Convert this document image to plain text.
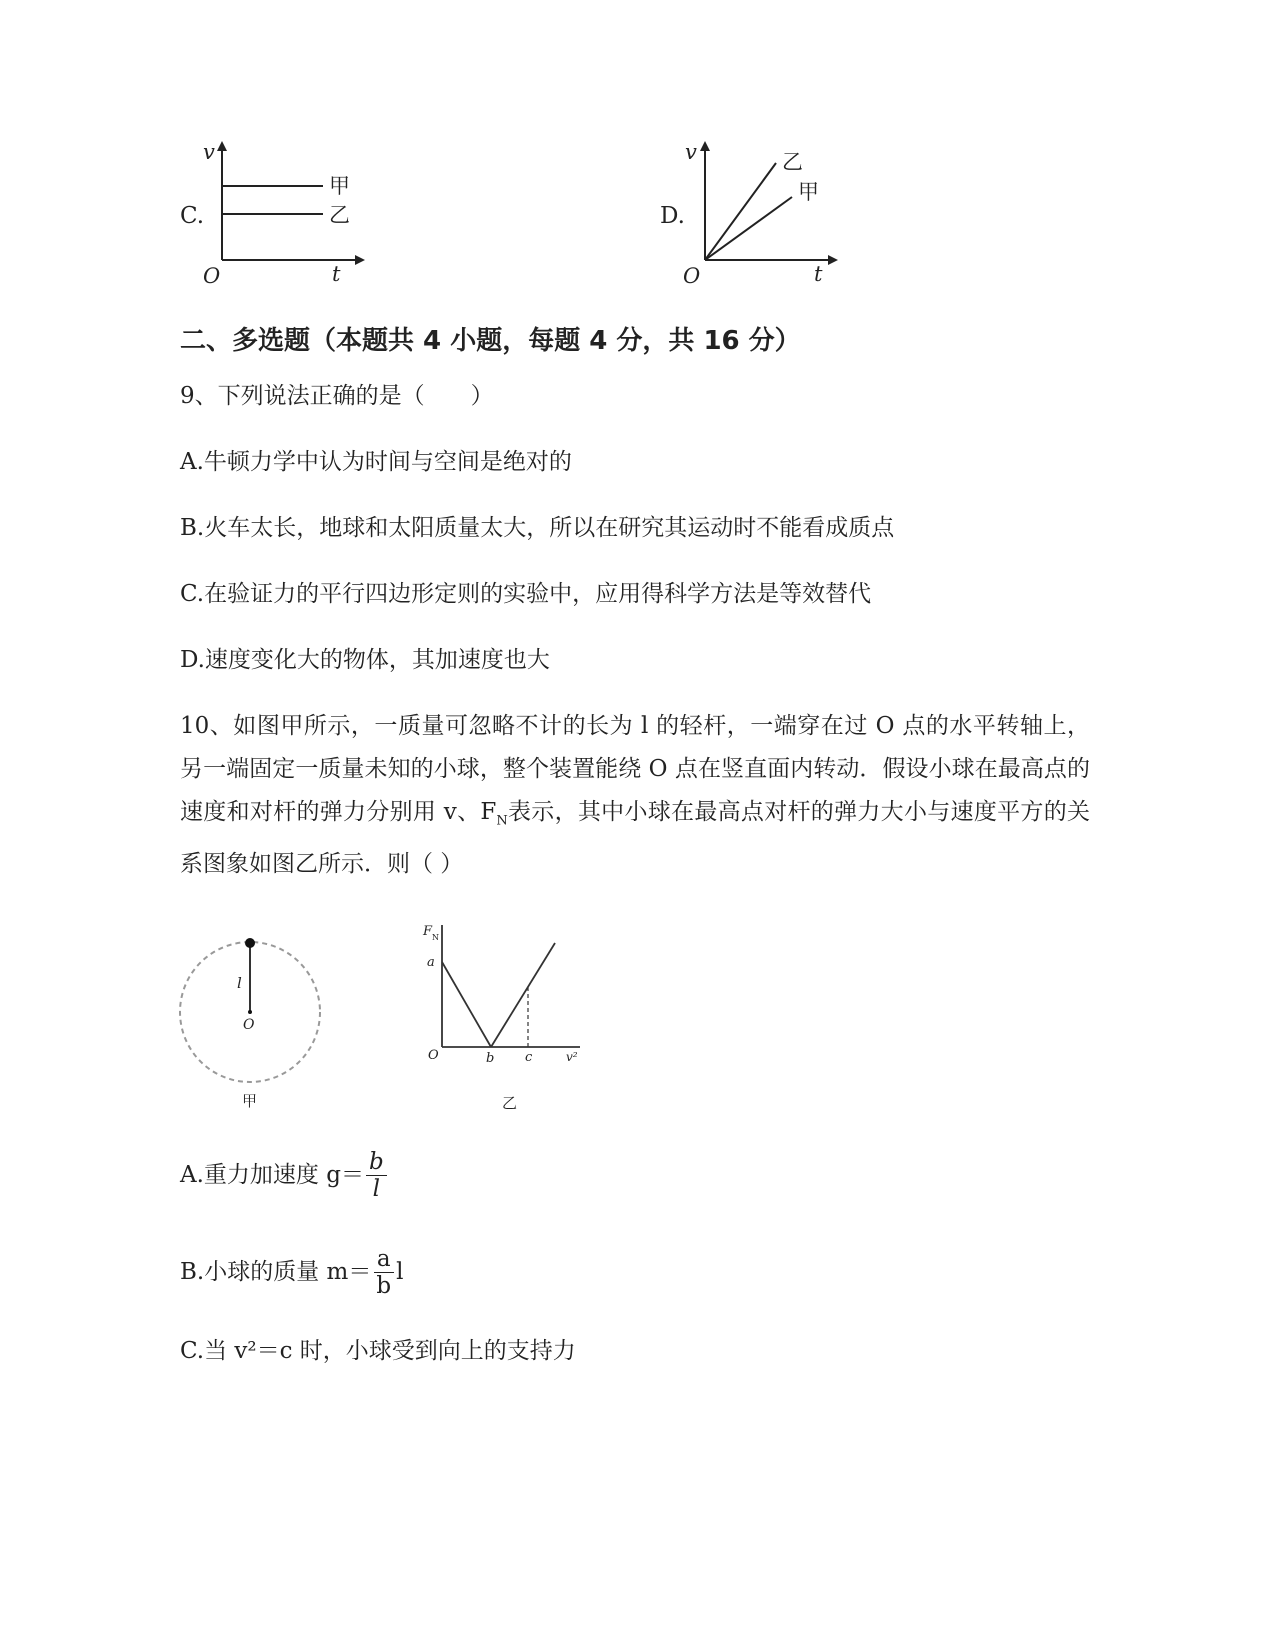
C.
v
t
O
甲
乙	D.
v
t
O
乙
甲
二、多选题（本题共 4 小题，每题 4 分，共 16 分）
9、下列说法正确的是（　　）
A.牛顿力学中认为时间与空间是绝对的
B.火车太长，地球和太阳质量太大，所以在研究其运动时不能看成质点
C.在验证力的平行四边形定则的实验中，应用得科学方法是等效替代
D.速度变化大的物体，其加速度也大
10、如图甲所示，一质量可忽略不计的长为 l 的轻杆，一端穿在过 O 点的水平转轴上，另一端固定一质量未知的小球，整个装置能绕 O 点在竖直面内转动．假设小球在最高点的速度和对杆的弹力分别用 v、$F_N$表示，其中小球在最高点对杆的弹力大小与速度平方的关系图象如图乙所示．则（ ）
l
O
甲
F N
a
O	b c	v²
乙
A.重力加速度 $g= \frac{b}{l}$
B.小球的质量 $m= \frac{a}{b}$ l
C.当 v²＝c 时，小球受到向上的支持力
